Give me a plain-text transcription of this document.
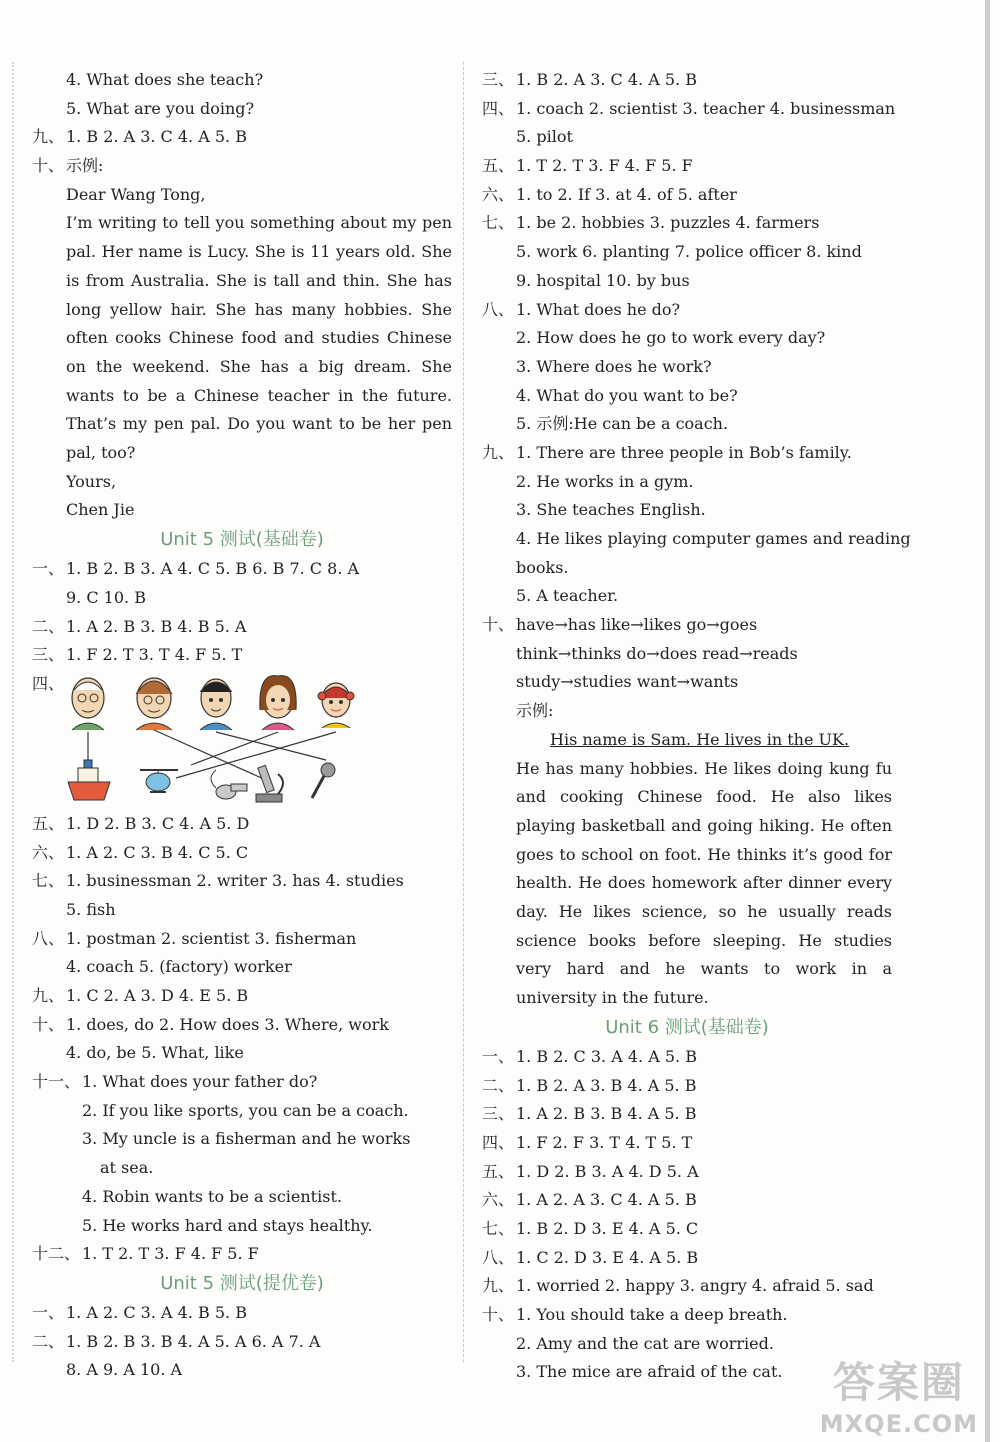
4. What does she teach?
5. What are you doing?
九、 1. B 2. A 3. C 4. A 5. B
十、 示例:
Dear Wang Tong,

I’m writing to tell you something about my pen pal. Her name is Lucy. She is 11 years old. She is from Australia. She is tall and thin. She has long yellow hair. She has many hobbies. She often cooks Chinese food and studies Chinese on the weekend. She has a big dream. She wants to be a Chinese teacher in the future. That’s my pen pal. Do you want to be her pen pal, too?

Yours,
Chen Jie
Unit 5 测试(基础卷)
一、 1. B 2. B 3. A 4. C 5. B 6. B 7. C 8. A
9. C 10. B
二、 1. A 2. B 3. B 4. B 5. A
三、 1. F 2. T 3. T 4. F 5. T
四、
五、 1. D 2. B 3. C 4. A 5. D
六、 1. A 2. C 3. B 4. C 5. C
七、 1. businessman 2. writer 3. has 4. studies
5. fish
八、 1. postman 2. scientist 3. fisherman
4. coach 5. (factory) worker
九、 1. C 2. A 3. D 4. E 5. B
十、 1. does, do 2. How does 3. Where, work
4. do, be 5. What, like
十一、 1. What does your father do?
2. If you like sports, you can be a coach.
3. My uncle is a fisherman and he works
at sea.
4. Robin wants to be a scientist.
5. He works hard and stays healthy.
十二、 1. T 2. T 3. F 4. F 5. F
Unit 5 测试(提优卷)
一、 1. A 2. C 3. A 4. B 5. B
二、 1. B 2. B 3. B 4. A 5. A 6. A 7. A
8. A 9. A 10. A
三、 1. B 2. A 3. C 4. A 5. B
四、 1. coach 2. scientist 3. teacher 4. businessman
5. pilot
五、 1. T 2. T 3. F 4. F 5. F
六、 1. to 2. If 3. at 4. of 5. after
七、 1. be 2. hobbies 3. puzzles 4. farmers
5. work 6. planting 7. police officer 8. kind
9. hospital 10. by bus
八、 1. What does he do?
2. How does he go to work every day?
3. Where does he work?
4. What do you want to be?
5. 示例:He can be a coach.
九、 1. There are three people in Bob’s family.
2. He works in a gym.
3. She teaches English.
4. He likes playing computer games and reading
books.
5. A teacher.
十、 have→has like→likes go→goes
think→thinks do→does read→reads
study→studies want→wants
示例:
His name is Sam. He lives in the UK.

He has many hobbies. He likes doing kung fu and cooking Chinese food. He also likes playing basketball and going hiking. He often goes to school on foot. He thinks it’s good for health. He does homework after dinner every day. He likes science, so he usually reads science books before sleeping. He studies very hard and he wants to work in a university in the future.

Unit 6 测试(基础卷)
一、 1. B 2. C 3. A 4. A 5. B
二、 1. B 2. A 3. B 4. A 5. B
三、 1. A 2. B 3. B 4. A 5. B
四、 1. F 2. F 3. T 4. T 5. T
五、 1. D 2. B 3. A 4. D 5. A
六、 1. A 2. A 3. C 4. A 5. B
七、 1. B 2. D 3. E 4. A 5. C
八、 1. C 2. D 3. E 4. A 5. B
九、 1. worried 2. happy 3. angry 4. afraid 5. sad
十、 1. You should take a deep breath.
2. Amy and the cat are worried.
3. The mice are afraid of the cat.	答案圈
MXQE.COM
